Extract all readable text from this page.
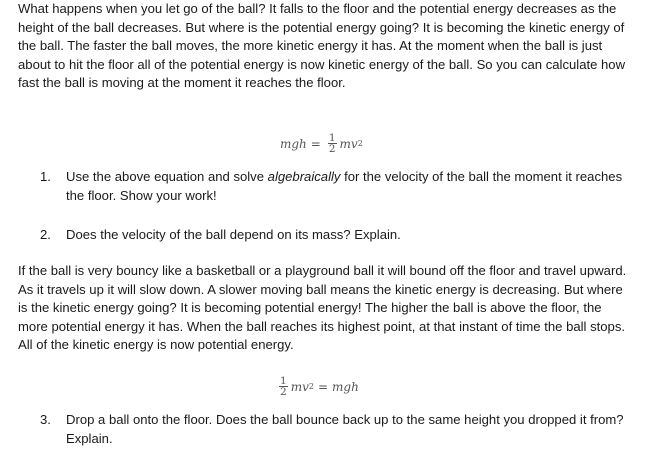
What happens when you let go of the ball? It falls to the floor and the potential energy decreases as the height of the ball decreases. But where is the potential energy going? It is becoming the kinetic energy of the ball. The faster the ball moves, the more kinetic energy it has. At the moment when the ball is just about to hit the floor all of the potential energy is now kinetic energy of the ball. So you can calculate how fast the ball is moving at the moment it reaches the floor.

mgh = $\frac{1}{2}$ mv 2
1.	Use the above equation and solve algebraically for the velocity of the ball the moment it reaches the floor. Show your work!
2.	Does the velocity of the ball depend on its mass? Explain.

If the ball is very bouncy like a basketball or a playground ball it will bound off the floor and travel upward. As it travels up it will slow down. A slower moving ball means the kinetic energy is decreasing. But where is the kinetic energy going? It is becoming potential energy! The higher the ball is above the floor, the more potential energy it has. When the ball reaches its highest point, at that instant of time the ball stops. All of the kinetic energy is now potential energy.

$\frac{1}{2}$ mv 2 = mgh
3.	Drop a ball onto the floor. Does the ball bounce back up to the same height you dropped it from? Explain.
